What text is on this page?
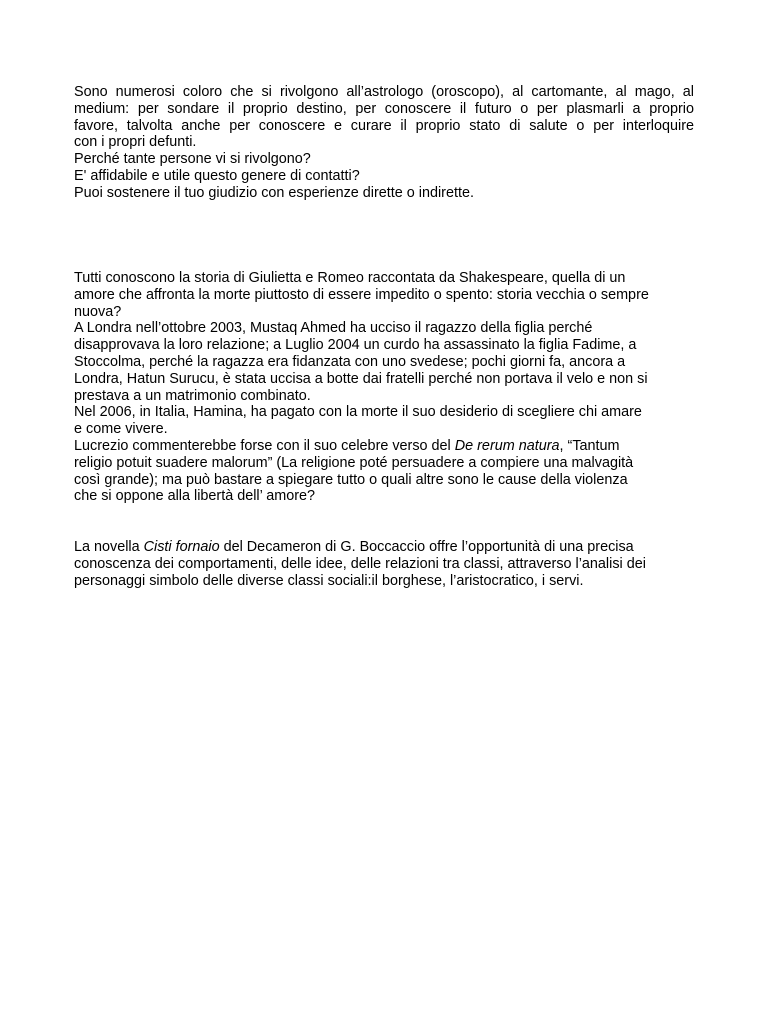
Sono numerosi coloro che si rivolgono all’astrologo (oroscopo), al cartomante, al mago, al
medium: per sondare il proprio destino, per conoscere il futuro o per plasmarli a proprio
favore, talvolta anche per conoscere e curare il proprio stato di salute o per interloquire
con i propri defunti.
Perché tante persone vi si rivolgono?
E' affidabile e utile questo genere di contatti?
Puoi sostenere il tuo giudizio con esperienze dirette o indirette.
Tutti conoscono la storia di Giulietta e Romeo raccontata da Shakespeare, quella di un
amore che affronta la morte piuttosto di essere impedito o spento: storia vecchia o sempre
nuova?
A Londra nell’ottobre 2003, Mustaq Ahmed ha ucciso il ragazzo della figlia perché
disapprovava la loro relazione; a Luglio 2004 un curdo ha assassinato la figlia Fadime, a
Stoccolma, perché la ragazza era fidanzata con uno svedese; pochi giorni fa, ancora a
Londra, Hatun Surucu, è stata uccisa a botte dai fratelli perché non portava il velo e non si
prestava a un matrimonio combinato.
Nel 2006, in Italia, Hamina, ha pagato con la morte il suo desiderio di scegliere chi amare
e come vivere.
Lucrezio commenterebbe forse con il suo celebre verso del De rerum natura, “Tantum
religio potuit suadere malorum” (La religione poté persuadere a compiere una malvagità
così grande); ma può bastare a spiegare tutto o quali altre sono le cause della violenza
che si oppone alla libertà dell’ amore?
La novella Cisti fornaio del Decameron di G. Boccaccio offre l’opportunità di una precisa
conoscenza dei comportamenti, delle idee, delle relazioni tra classi, attraverso l’analisi dei
personaggi simbolo delle diverse classi sociali:il borghese, l’aristocratico, i servi.
